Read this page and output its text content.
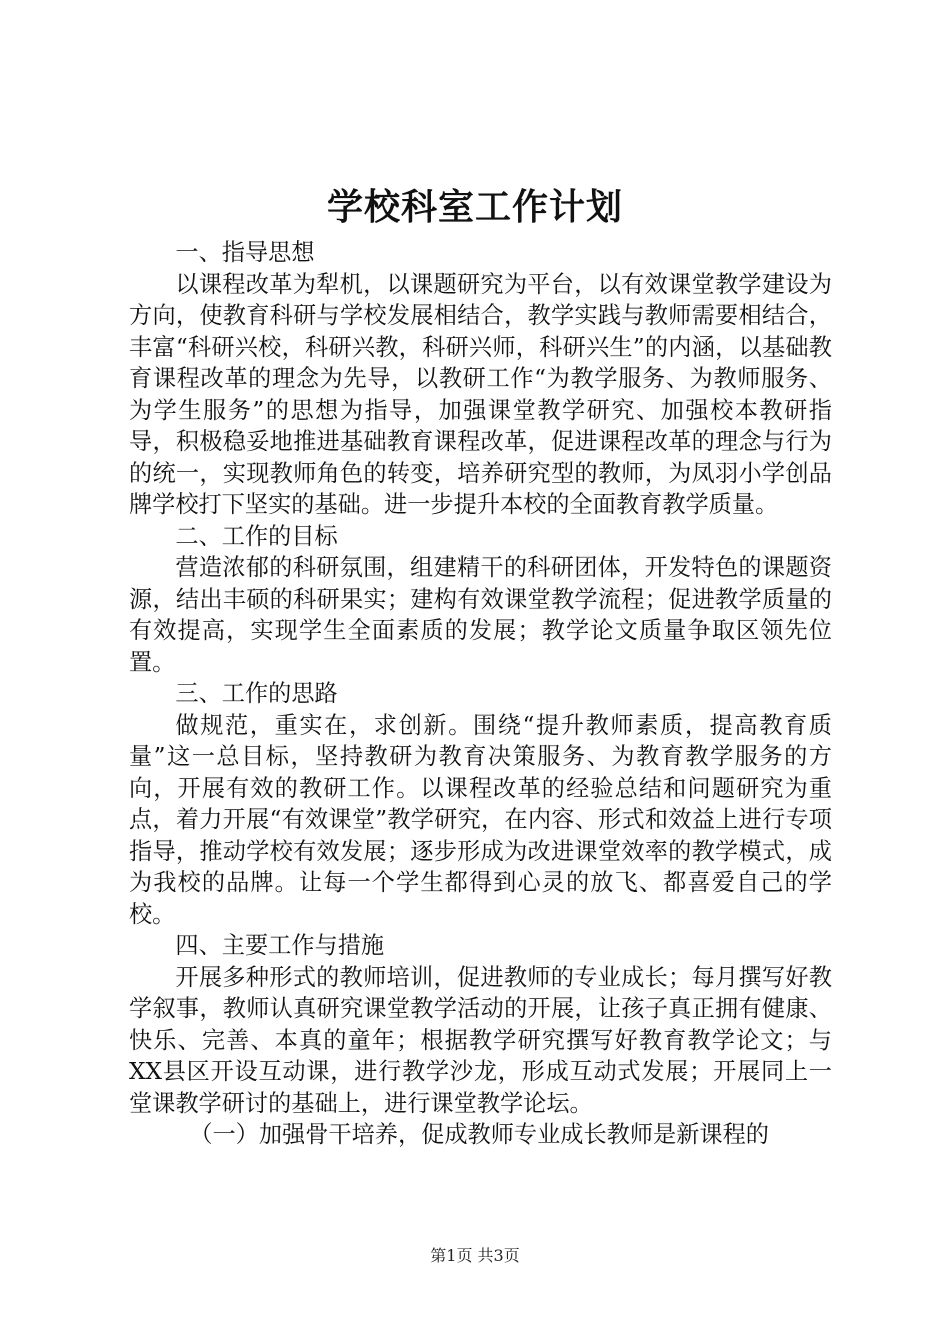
学校科室工作计划

一、指导思想

以课程改革为犁机，以课题研究为平台，以有效课堂教学建设为方向，使教育科研与学校发展相结合，教学实践与教师需要相结合，丰富“科研兴校，科研兴教，科研兴师，科研兴生”的内涵，以基础教育课程改革的理念为先导，以教研工作“为教学服务、为教师服务、为学生服务”的思想为指导，加强课堂教学研究、加强校本教研指导，积极稳妥地推进基础教育课程改革，促进课程改革的理念与行为的统一，实现教师角色的转变，培养研究型的教师，为凤羽小学创品牌学校打下坚实的基础。进一步提升本校的全面教育教学质量。

二、工作的目标

营造浓郁的科研氛围，组建精干的科研团体，开发特色的课题资源，结出丰硕的科研果实；建构有效课堂教学流程；促进教学质量的有效提高，实现学生全面素质的发展；教学论文质量争取区领先位置。

三、工作的思路

做规范，重实在，求创新。围绕“提升教师素质，提高教育质量”这一总目标，坚持教研为教育决策服务、为教育教学服务的方向，开展有效的教研工作。以课程改革的经验总结和问题研究为重点，着力开展“有效课堂”教学研究，在内容、形式和效益上进行专项指导，推动学校有效发展；逐步形成为改进课堂效率的教学模式，成为我校的品牌。让每一个学生都得到心灵的放飞、都喜爱自己的学校。

四、主要工作与措施

开展多种形式的教师培训，促进教师的专业成长；每月撰写好教学叙事，教师认真研究课堂教学活动的开展，让孩子真正拥有健康、快乐、完善、本真的童年；根据教学研究撰写好教育教学论文；与XX县区开设互动课，进行教学沙龙，形成互动式发展；开展同上一堂课教学研讨的基础上，进行课堂教学论坛。

（一）加强骨干培养，促成教师专业成长教师是新课程的

第1页 共3页
